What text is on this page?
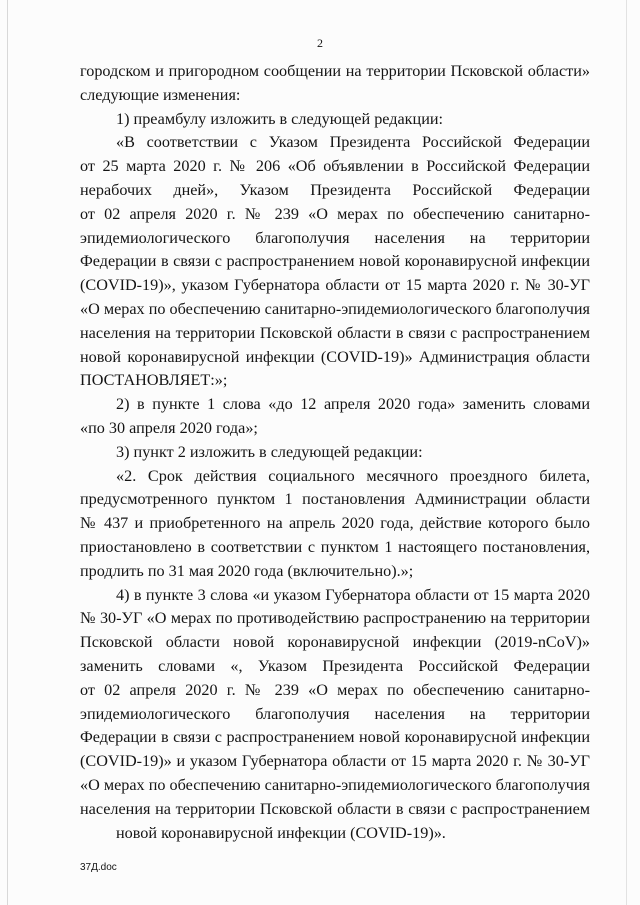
2
городском и пригородном сообщении на территории Псковской области»
следующие изменения:
1) преамбулу изложить в следующей редакции:
«В соответствии с Указом Президента Российской Федерации
от 25 марта 2020 г. № 206 «Об объявлении в Российской Федерации
нерабочих дней», Указом Президента Российской Федерации
от 02 апреля 2020 г. № 239 «О мерах по обеспечению санитарно-
эпидемиологического благополучия населения на территории
Федерации в связи с распространением новой коронавирусной инфекции
(COVID-19)», указом Губернатора области от 15 марта 2020 г. № 30-УГ
«О мерах по обеспечению санитарно-эпидемиологического благополучия
населения на территории Псковской области в связи с распространением
новой коронавирусной инфекции (COVID-19)» Администрация области
ПОСТАНОВЛЯЕТ:»;
2) в пункте 1 слова «до 12 апреля 2020 года» заменить словами
«по 30 апреля 2020 года»;
3) пункт 2 изложить в следующей редакции:
«2. Срок действия социального месячного проездного билета,
предусмотренного пунктом 1 постановления Администрации области
№ 437 и приобретенного на апрель 2020 года, действие которого было
приостановлено в соответствии с пунктом 1 настоящего постановления,
продлить по 31 мая 2020 года (включительно).»;
4) в пункте 3 слова «и указом Губернатора области от 15 марта 2020
№ 30-УГ «О мерах по противодействию распространению на территории
Псковской области новой коронавирусной инфекции (2019-nCoV)»
заменить словами «, Указом Президента Российской Федерации
от 02 апреля 2020 г. № 239 «О мерах по обеспечению санитарно-
эпидемиологического благополучия населения на территории
Федерации в связи с распространением новой коронавирусной инфекции
(COVID-19)» и указом Губернатора области от 15 марта 2020 г. № 30-УГ
«О мерах по обеспечению санитарно-эпидемиологического благополучия
населения на территории Псковской области в связи с распространением
новой коронавирусной инфекции (COVID-19)».
37Д.doc
